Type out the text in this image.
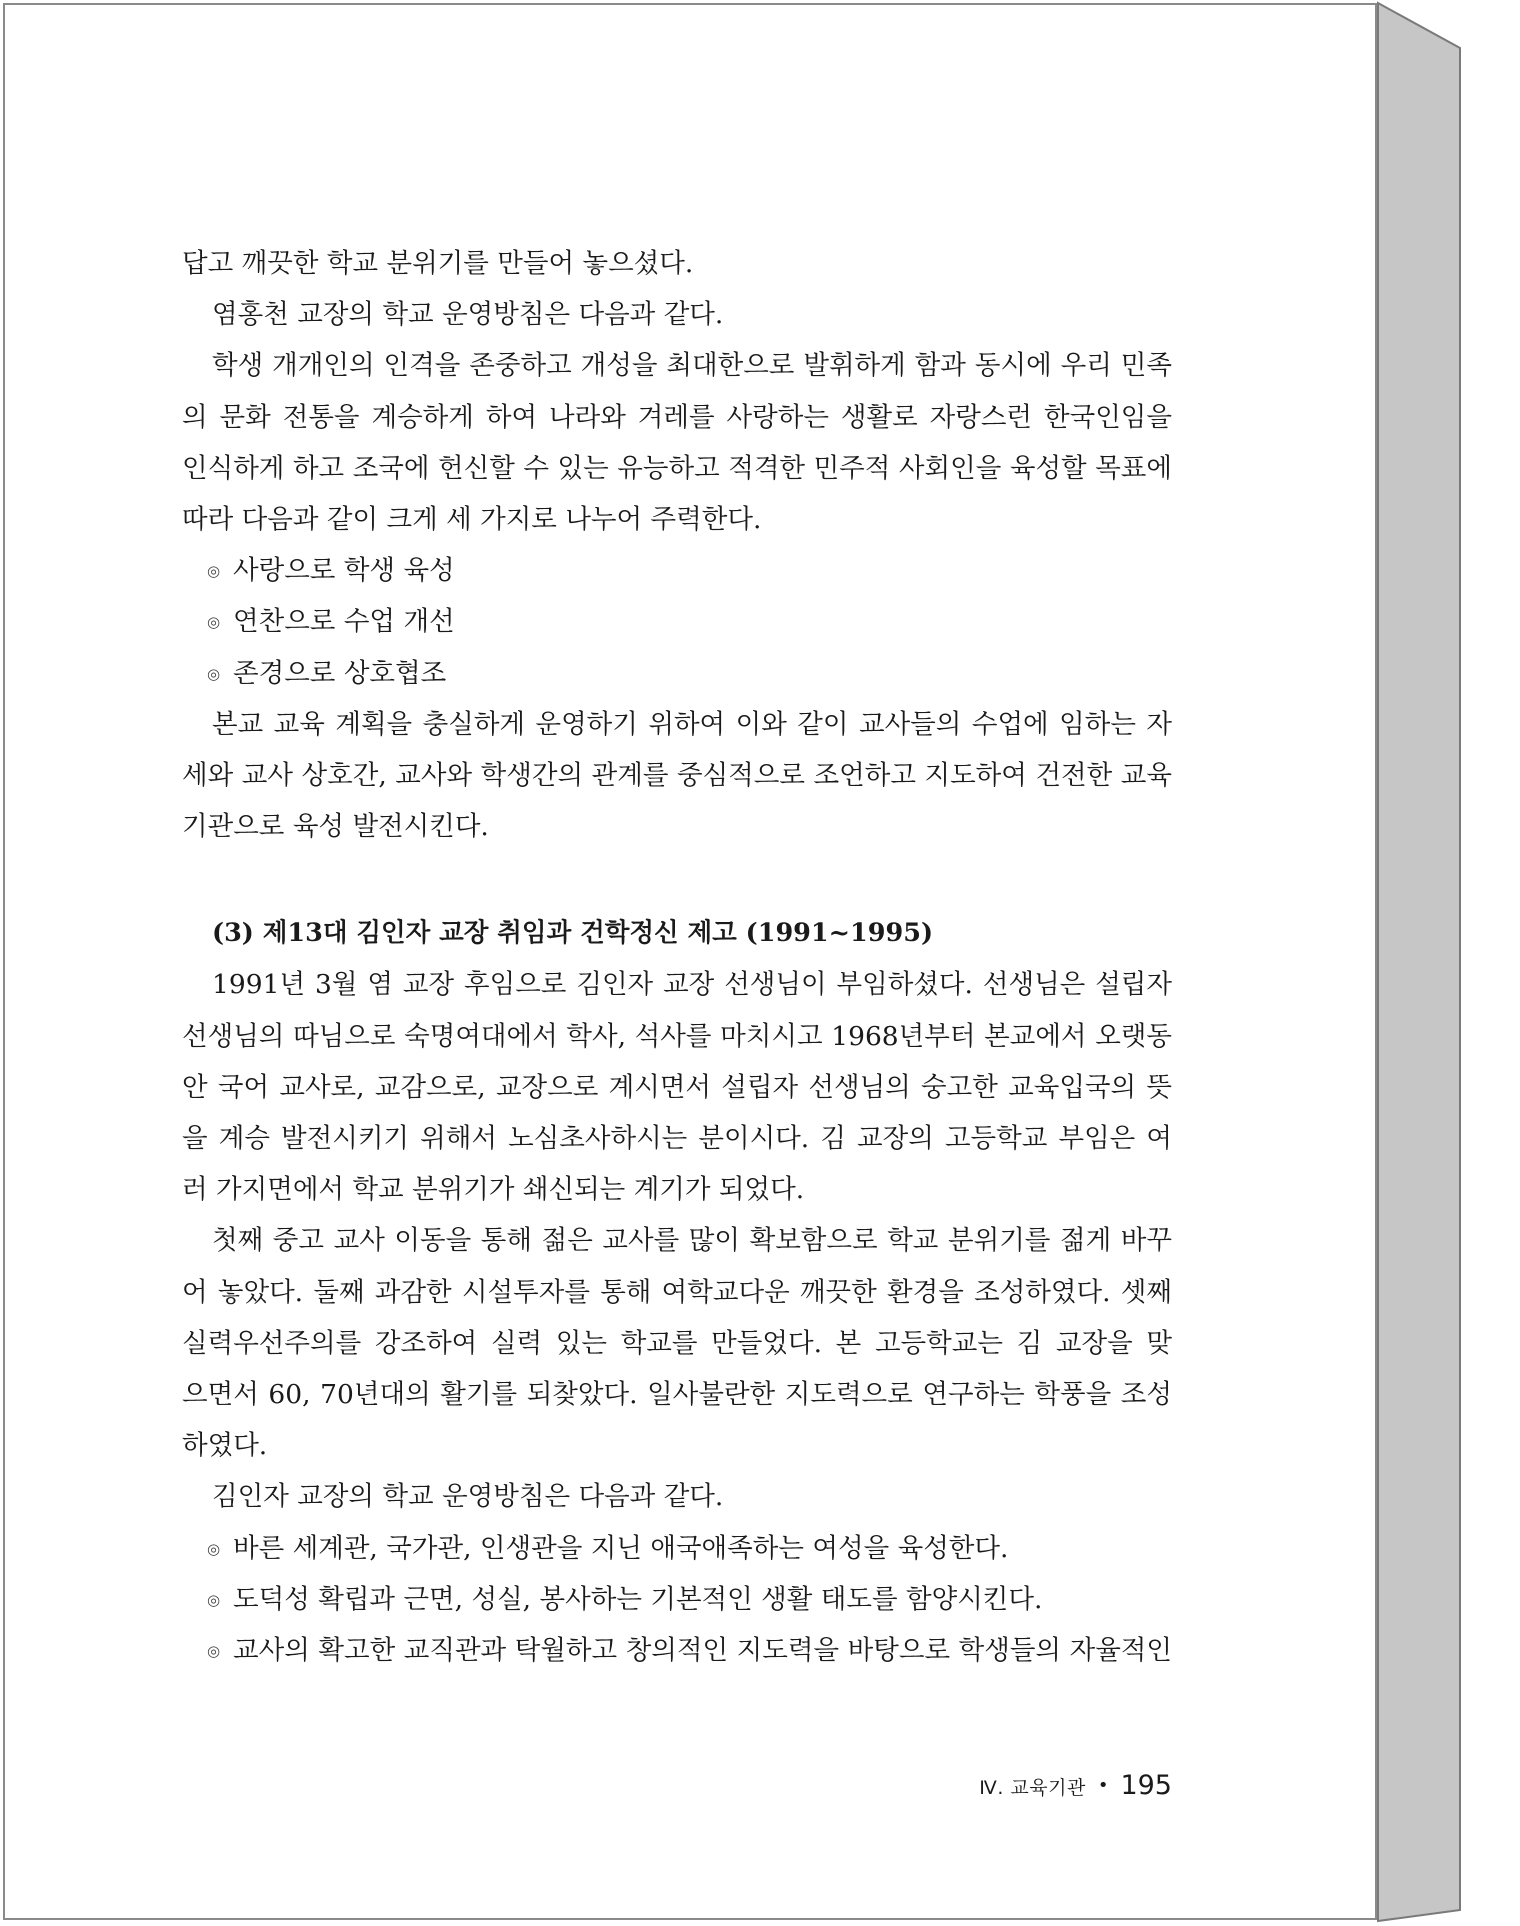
답고 깨끗한 학교 분위기를 만들어 놓으셨다.
염홍천 교장의 학교 운영방침은 다음과 같다.
학생 개개인의 인격을 존중하고 개성을 최대한으로 발휘하게 함과 동시에 우리 민족
의 문화 전통을 계승하게 하여 나라와 겨레를 사랑하는 생활로 자랑스런 한국인임을
인식하게 하고 조국에 헌신할 수 있는 유능하고 적격한 민주적 사회인을 육성할 목표에
따라 다음과 같이 크게 세 가지로 나누어 주력한다.
◎ 사랑으로 학생 육성
◎ 연찬으로 수업 개선
◎ 존경으로 상호협조
본교 교육 계획을 충실하게 운영하기 위하여 이와 같이 교사들의 수업에 임하는 자
세와 교사 상호간, 교사와 학생간의 관계를 중심적으로 조언하고 지도하여 건전한 교육
기관으로 육성 발전시킨다.
(3) 제13대 김인자 교장 취임과 건학정신 제고 (1991~1995)
1991년 3월 염 교장 후임으로 김인자 교장 선생님이 부임하셨다. 선생님은 설립자
선생님의 따님으로 숙명여대에서 학사, 석사를 마치시고 1968년부터 본교에서 오랫동
안 국어 교사로, 교감으로, 교장으로 계시면서 설립자 선생님의 숭고한 교육입국의 뜻
을 계승 발전시키기 위해서 노심초사하시는 분이시다. 김 교장의 고등학교 부임은 여
러 가지면에서 학교 분위기가 쇄신되는 계기가 되었다.
첫째 중고 교사 이동을 통해 젊은 교사를 많이 확보함으로 학교 분위기를 젊게 바꾸
어 놓았다. 둘째 과감한 시설투자를 통해 여학교다운 깨끗한 환경을 조성하였다. 셋째
실력우선주의를 강조하여 실력 있는 학교를 만들었다. 본 고등학교는 김 교장을 맞
으면서 60, 70년대의 활기를 되찾았다. 일사불란한 지도력으로 연구하는 학풍을 조성
하였다.
김인자 교장의 학교 운영방침은 다음과 같다.
◎ 바른 세계관, 국가관, 인생관을 지닌 애국애족하는 여성을 육성한다.
◎ 도덕성 확립과 근면, 성실, 봉사하는 기본적인 생활 태도를 함양시킨다.
◎ 교사의 확고한 교직관과 탁월하고 창의적인 지도력을 바탕으로 학생들의 자율적인
Ⅳ. 교육기관 • 195
